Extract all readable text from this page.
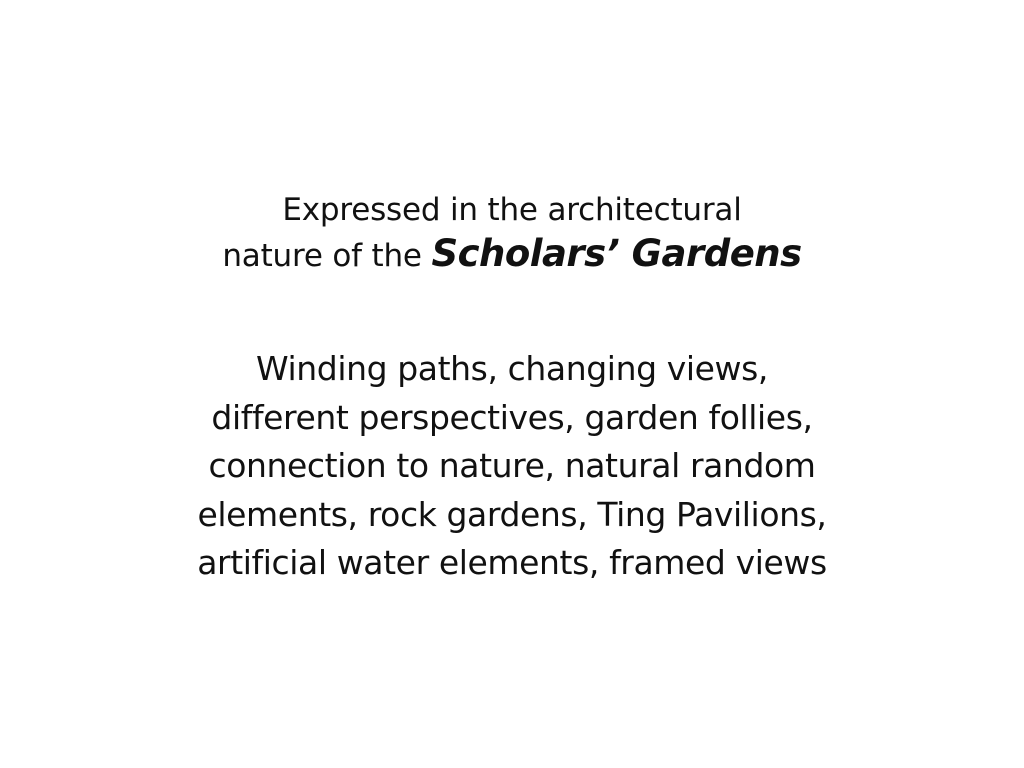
Expressed in the architectural
nature of the Scholars’ Gardens
Winding paths, changing views,
different perspectives, garden follies,
connection to nature, natural random
elements, rock gardens, Ting Pavilions,
artificial water elements, framed views
